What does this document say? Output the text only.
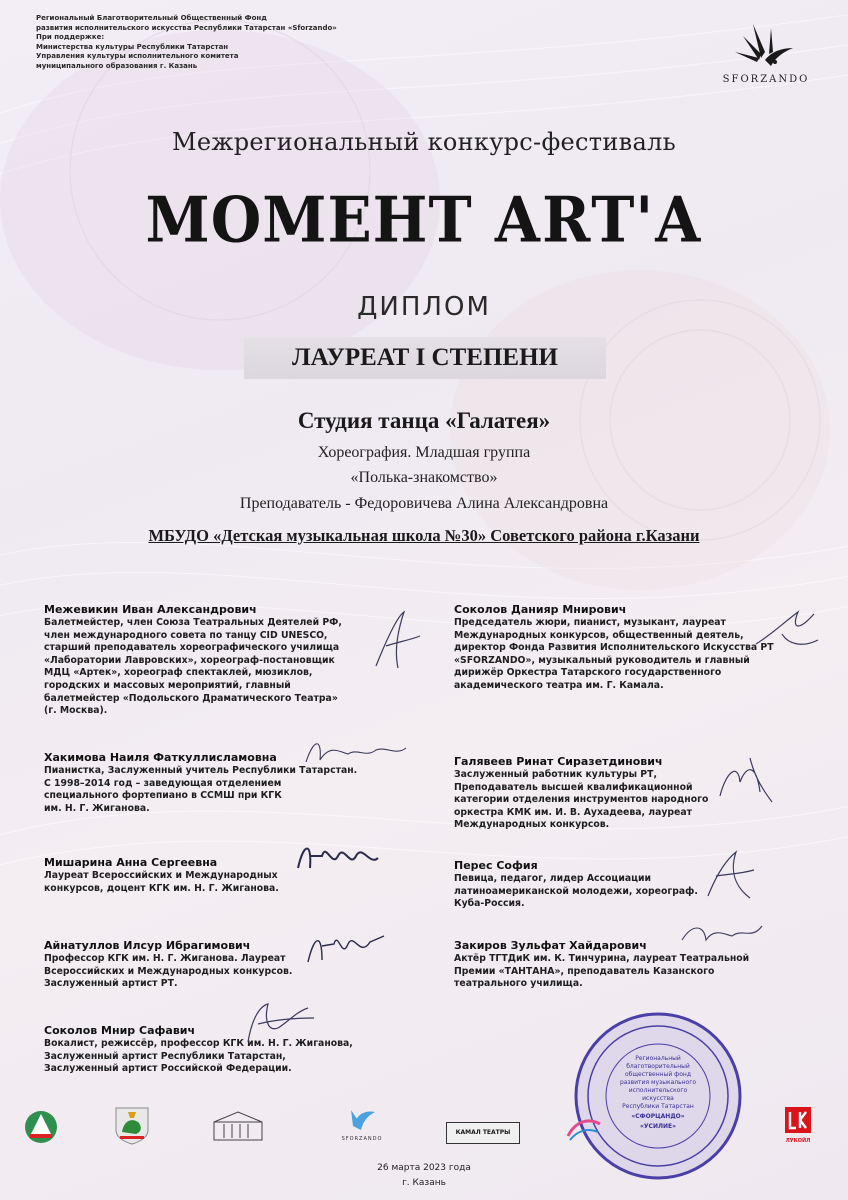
Региональный Благотворительный Общественный Фонд
развития исполнительского искусства Республики Татарстан «Sforzando»
При поддержке:
Министерства культуры Республики Татарстан
Управления культуры исполнительного комитета
муниципального образования г. Казань
SFORZANDO
Межрегиональный конкурс-фестиваль
МОМЕНТ АRТ'А
ДИПЛОМ
ЛАУРЕАТ I СТЕПЕНИ
Студия танца «Галатея»
Хореография. Младшая группа
«Полька-знакомство»
Преподаватель - Федоровичева Алина Александровна
МБУДО «Детская музыкальная школа №30» Советского района г.Казани
Межевикин Иван Александрович
Балетмейстер, член Союза Театральных Деятелей РФ,
член международного совета по танцу CID UNESCO,
старший преподаватель хореографического училища
«Лаборатории Лавровских», хореограф-постановщик
МДЦ «Артек», хореограф спектаклей, мюзиклов,
городских и массовых мероприятий, главный
балетмейстер «Подольского Драматического Театра»
(г. Москва).
Соколов Данияр Мнирович
Председатель жюри, пианист, музыкант, лауреат
Международных конкурсов, общественный деятель,
директор Фонда Развития Исполнительского Искусства РТ
«SFORZANDO», музыкальный руководитель и главный
дирижёр Оркестра Татарского государственного
академического театра им. Г. Камала.
Хакимова Наиля Фаткуллисламовна
Пианистка, Заслуженный учитель Республики Татарстан.
С 1998–2014 год – заведующая отделением
специального фортепиано в ССМШ при КГК
им. Н. Г. Жиганова.
Галявеев Ринат Сиразетдинович
Заслуженный работник культуры РТ,
Преподаватель высшей квалификационной
категории отделения инструментов народного
оркестра КМК им. И. В. Аухадеева, лауреат
Международных конкурсов.
Мишарина Анна Сергеевна
Лауреат Всероссийских и Международных
конкурсов, доцент КГК им. Н. Г. Жиганова.
Перес София
Певица, педагог, лидер Ассоциации
латиноамериканской молодежи, хореограф.
Куба-Россия.
Айнатуллов Илсур Ибрагимович
Профессор КГК им. Н. Г. Жиганова. Лауреат
Всероссийских и Международных конкурсов.
Заслуженный артист РТ.
Закиров Зульфат Хайдарович
Актёр ТГТДиК им. К. Тинчурина, лауреат Театральной
Премии «ТАНТАНА», преподаватель Казанского
театрального училища.
Соколов Мнир Сафавич
Вокалист, режиссёр, профессор КГК им. Н. Г. Жиганова,
Заслуженный артист Республики Татарстан,
Заслуженный артист Российской Федерации.
Региональный
благотворительный
общественный фонд
развития музыкального
исполнительского
искусства
Республики Татарстан
«СФОРЦАНДО»
«УСИЛИЕ»
SFORZANDO
КАМАЛ ТЕАТРЫ
ЛУКОЙЛ
26 марта 2023 года
г. Казань
